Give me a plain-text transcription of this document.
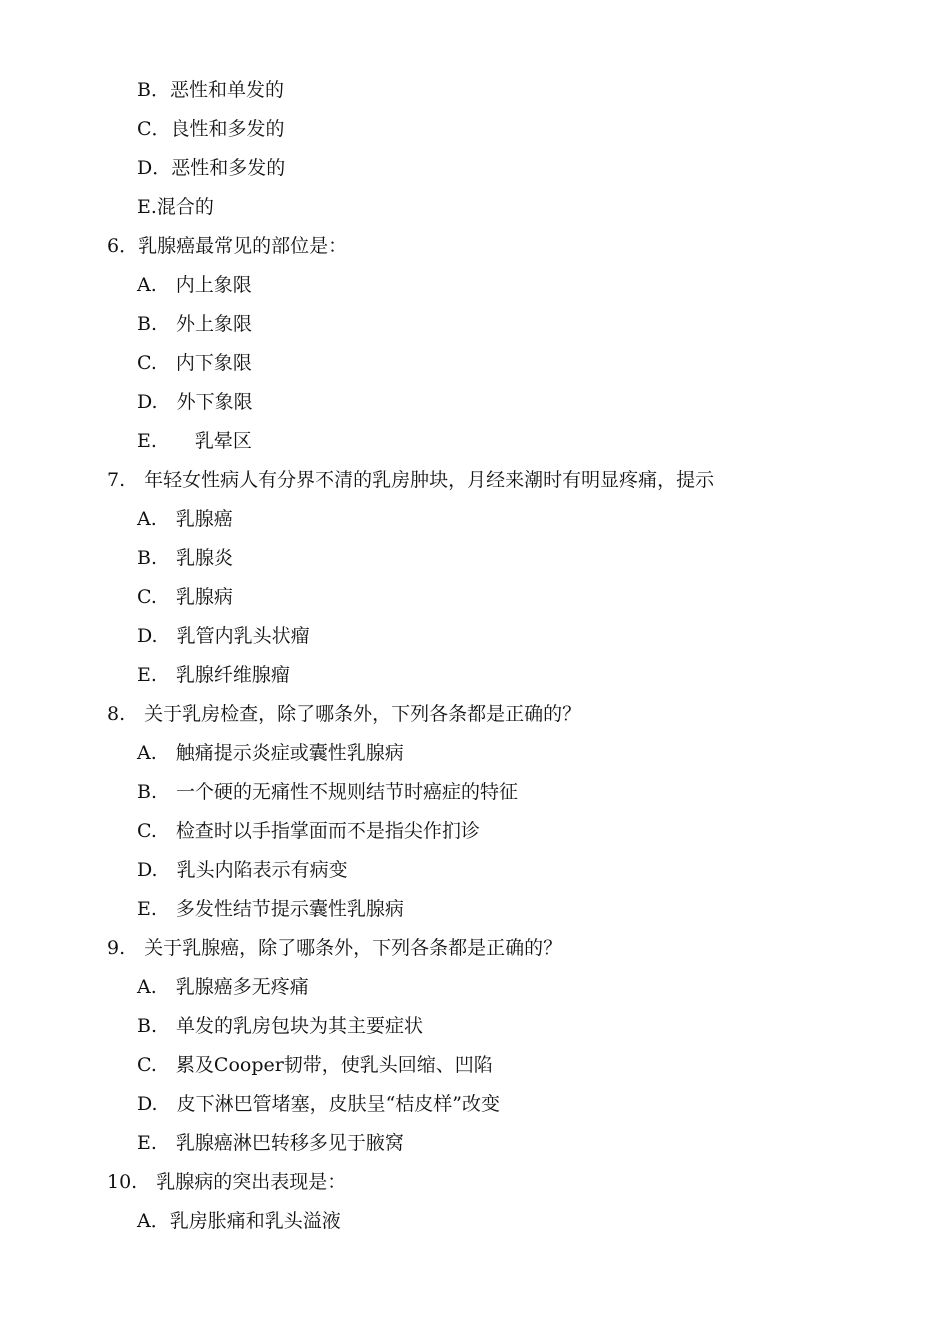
B．恶性和单发的
C．良性和多发的
D．恶性和多发的
E.混合的
6．乳腺癌最常见的部位是：
A.　内上象限
B.　外上象限
C.　内下象限
D.　外下象限
E.　　乳晕区
7.　年轻女性病人有分界不清的乳房肿块，月经来潮时有明显疼痛，提示
A.　乳腺癌
B.　乳腺炎
C.　乳腺病
D.　乳管内乳头状瘤
E.　乳腺纤维腺瘤
8.　关于乳房检查，除了哪条外，下列各条都是正确的？
A.　触痛提示炎症或囊性乳腺病
B.　一个硬的无痛性不规则结节时癌症的特征
C.　检查时以手指掌面而不是指尖作扪诊
D.　乳头内陷表示有病变
E.　多发性结节提示囊性乳腺病
9.　关于乳腺癌，除了哪条外，下列各条都是正确的？
A.　乳腺癌多无疼痛
B.　单发的乳房包块为其主要症状
C.　累及Cooper韧带，使乳头回缩、凹陷
D.　皮下淋巴管堵塞，皮肤呈“桔皮样”改变
E.　乳腺癌淋巴转移多见于腋窝
10.　乳腺病的突出表现是：
A．乳房胀痛和乳头溢液
